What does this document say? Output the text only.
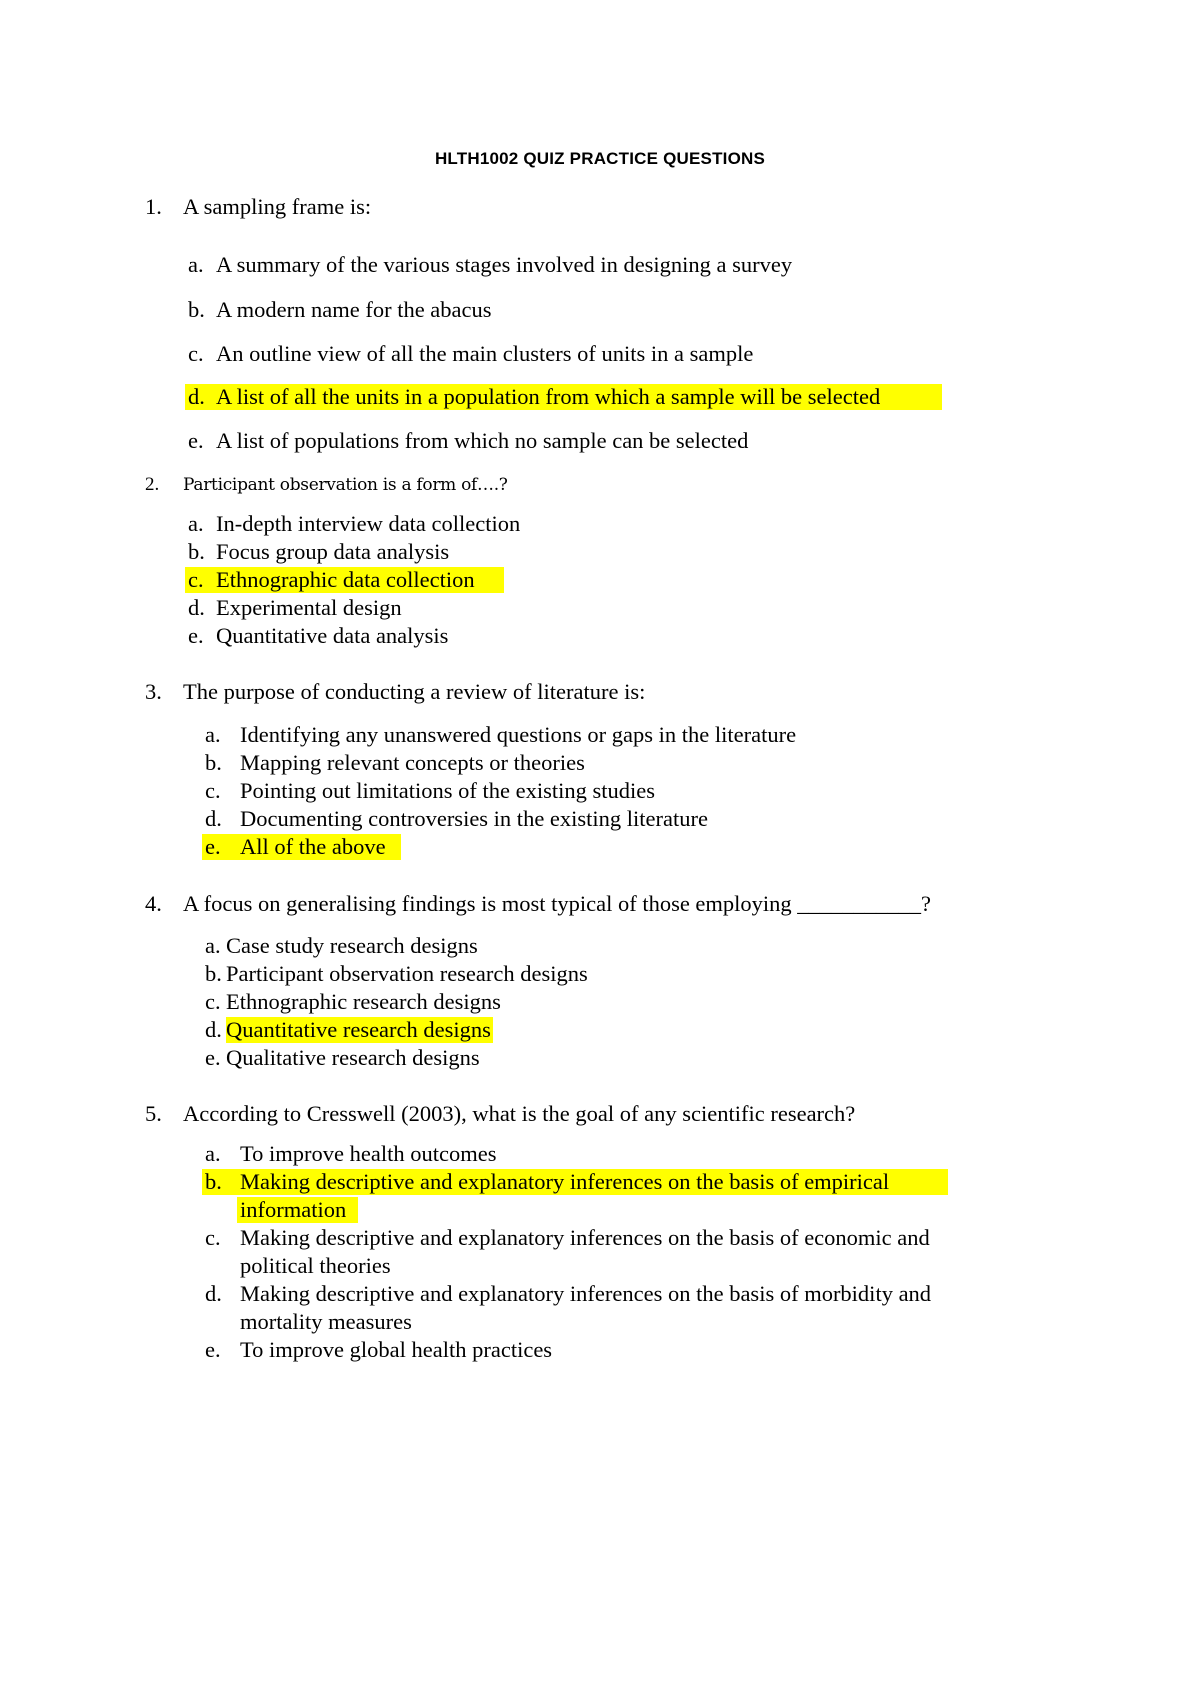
HLTH1002 QUIZ PRACTICE QUESTIONS
1. A sampling frame is:
a. A summary of the various stages involved in designing a survey
b. A modern name for the abacus
c. An outline view of all the main clusters of units in a sample
d. A list of all the units in a population from which a sample will be selected
e. A list of populations from which no sample can be selected
2. Participant observation is a form of….?
a. In-depth interview data collection
b. Focus group data analysis
c. Ethnographic data collection
d. Experimental design
e. Quantitative data analysis
3. The purpose of conducting a review of literature is:
a. Identifying any unanswered questions or gaps in the literature
b. Mapping relevant concepts or theories
c. Pointing out limitations of the existing studies
d. Documenting controversies in the existing literature
e. All of the above
4. A focus on generalising findings is most typical of those employing ___________?
a. Case study research designs
b. Participant observation research designs
c. Ethnographic research designs
d. Quantitative research designs
e. Qualitative research designs
5. According to Cresswell (2003), what is the goal of any scientific research?
a. To improve health outcomes
b. Making descriptive and explanatory inferences on the basis of empirical
information
c. Making descriptive and explanatory inferences on the basis of economic and
political theories
d. Making descriptive and explanatory inferences on the basis of morbidity and
mortality measures
e. To improve global health practices
